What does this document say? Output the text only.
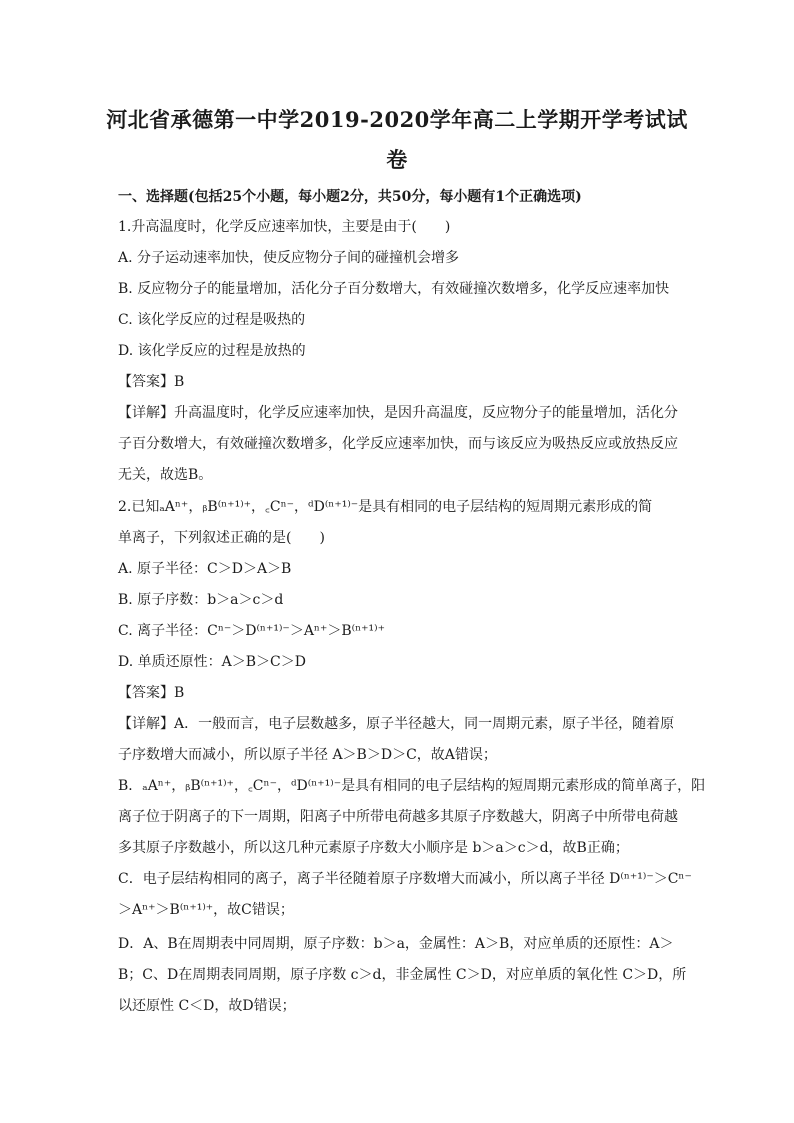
河北省承德第一中学2019-2020学年高二上学期开学考试试
卷
一、选择题(包括25个小题，每小题2分，共50分，每小题有1个正确选项)
1.升高温度时，化学反应速率加快，主要是由于(　　)
A. 分子运动速率加快，使反应物分子间的碰撞机会增多
B. 反应物分子的能量增加，活化分子百分数增大，有效碰撞次数增多，化学反应速率加快
C. 该化学反应的过程是吸热的
D. 该化学反应的过程是放热的
【答案】B
【详解】升高温度时，化学反应速率加快，是因升高温度，反应物分子的能量增加，活化分
子百分数增大，有效碰撞次数增多，化学反应速率加快，而与该反应为吸热反应或放热反应
无关，故选B。
2.已知ₐAⁿ⁺，ᵦB⁽ⁿ⁺¹⁾⁺，꜀Cⁿ⁻，ᵈD⁽ⁿ⁺¹⁾⁻是具有相同的电子层结构的短周期元素形成的简
单离子，下列叙述正确的是(　　)
A. 原子半径：C＞D＞A＞B
B. 原子序数：b＞a＞c＞d
C. 离子半径：Cⁿ⁻＞D⁽ⁿ⁺¹⁾⁻＞Aⁿ⁺＞B⁽ⁿ⁺¹⁾⁺
D. 单质还原性：A＞B＞C＞D
【答案】B
【详解】A．一般而言，电子层数越多，原子半径越大，同一周期元素，原子半径，随着原
子序数增大而减小，所以原子半径 A＞B＞D＞C，故A错误；
B．ₐAⁿ⁺，ᵦB⁽ⁿ⁺¹⁾⁺，꜀Cⁿ⁻，ᵈD⁽ⁿ⁺¹⁾⁻是具有相同的电子层结构的短周期元素形成的简单离子，阳
离子位于阴离子的下一周期，阳离子中所带电荷越多其原子序数越大，阴离子中所带电荷越
多其原子序数越小，所以这几种元素原子序数大小顺序是 b＞a＞c＞d，故B正确；
C．电子层结构相同的离子，离子半径随着原子序数增大而减小，所以离子半径 D⁽ⁿ⁺¹⁾⁻＞Cⁿ⁻
＞Aⁿ⁺＞B⁽ⁿ⁺¹⁾⁺，故C错误；
D．A、B在周期表中同周期，原子序数：b＞a，金属性：A＞B，对应单质的还原性：A＞
B；C、D在周期表同周期，原子序数 c＞d，非金属性 C＞D，对应单质的氧化性 C＞D，所
以还原性 C＜D，故D错误；
